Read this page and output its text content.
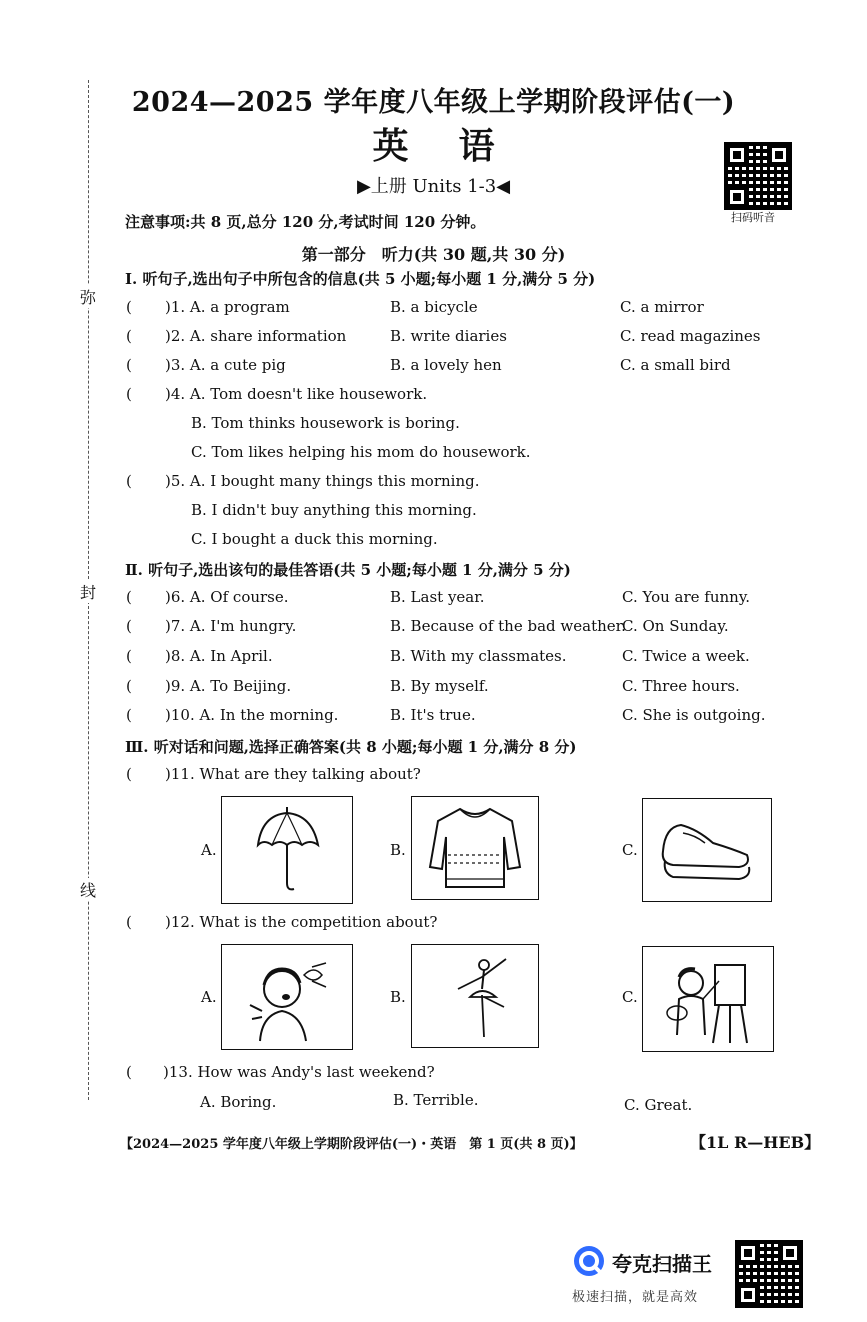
弥
封
线
2024—2025 学年度八年级上学期阶段评估(一)
英语
▶上册 Units 1-3◀
扫码听音
注意事项:共 8 页,总分 120 分,考试时间 120 分钟。
第一部分　听力(共 30 题,共 30 分)
Ⅰ. 听句子,选出句子中所包含的信息(共 5 小题;每小题 1 分,满分 5 分)
( )1. A. a program	B. a bicycle	C. a mirror
( )2. A. share information	B. write diaries	C. read magazines
( )3. A. a cute pig	B. a lovely hen	C. a small bird
( )4. A. Tom doesn't like housework.
B. Tom thinks housework is boring.
C. Tom likes helping his mom do housework.
( )5. A. I bought many things this morning.
B. I didn't buy anything this morning.
C. I bought a duck this morning.
Ⅱ. 听句子,选出该句的最佳答语(共 5 小题;每小题 1 分,满分 5 分)
( )6. A. Of course.	B. Last year.	C. You are funny.
( )7. A. I'm hungry.	B. Because of the bad weather.
C. On Sunday.
( )8. A. In April.	B. With my classmates.	C. Twice a week.
( )9. A. To Beijing.	B. By myself.	C. Three hours.
( )10. A. In the morning.	B. It's true.	C. She is outgoing.
Ⅲ. 听对话和问题,选择正确答案(共 8 小题;每小题 1 分,满分 8 分)
( )11. What are they talking about?
A.	B.	C.
( )12. What is the competition about?
A.	B.	C.
( )13. How was Andy's last weekend?
A. Boring.	B. Terrible.	C. Great.
【2024—2025 学年度八年级上学期阶段评估(一)・英语　第 1 页(共 8 页)】	【1L R—HEB】
夸克扫描王
极速扫描，就是高效
